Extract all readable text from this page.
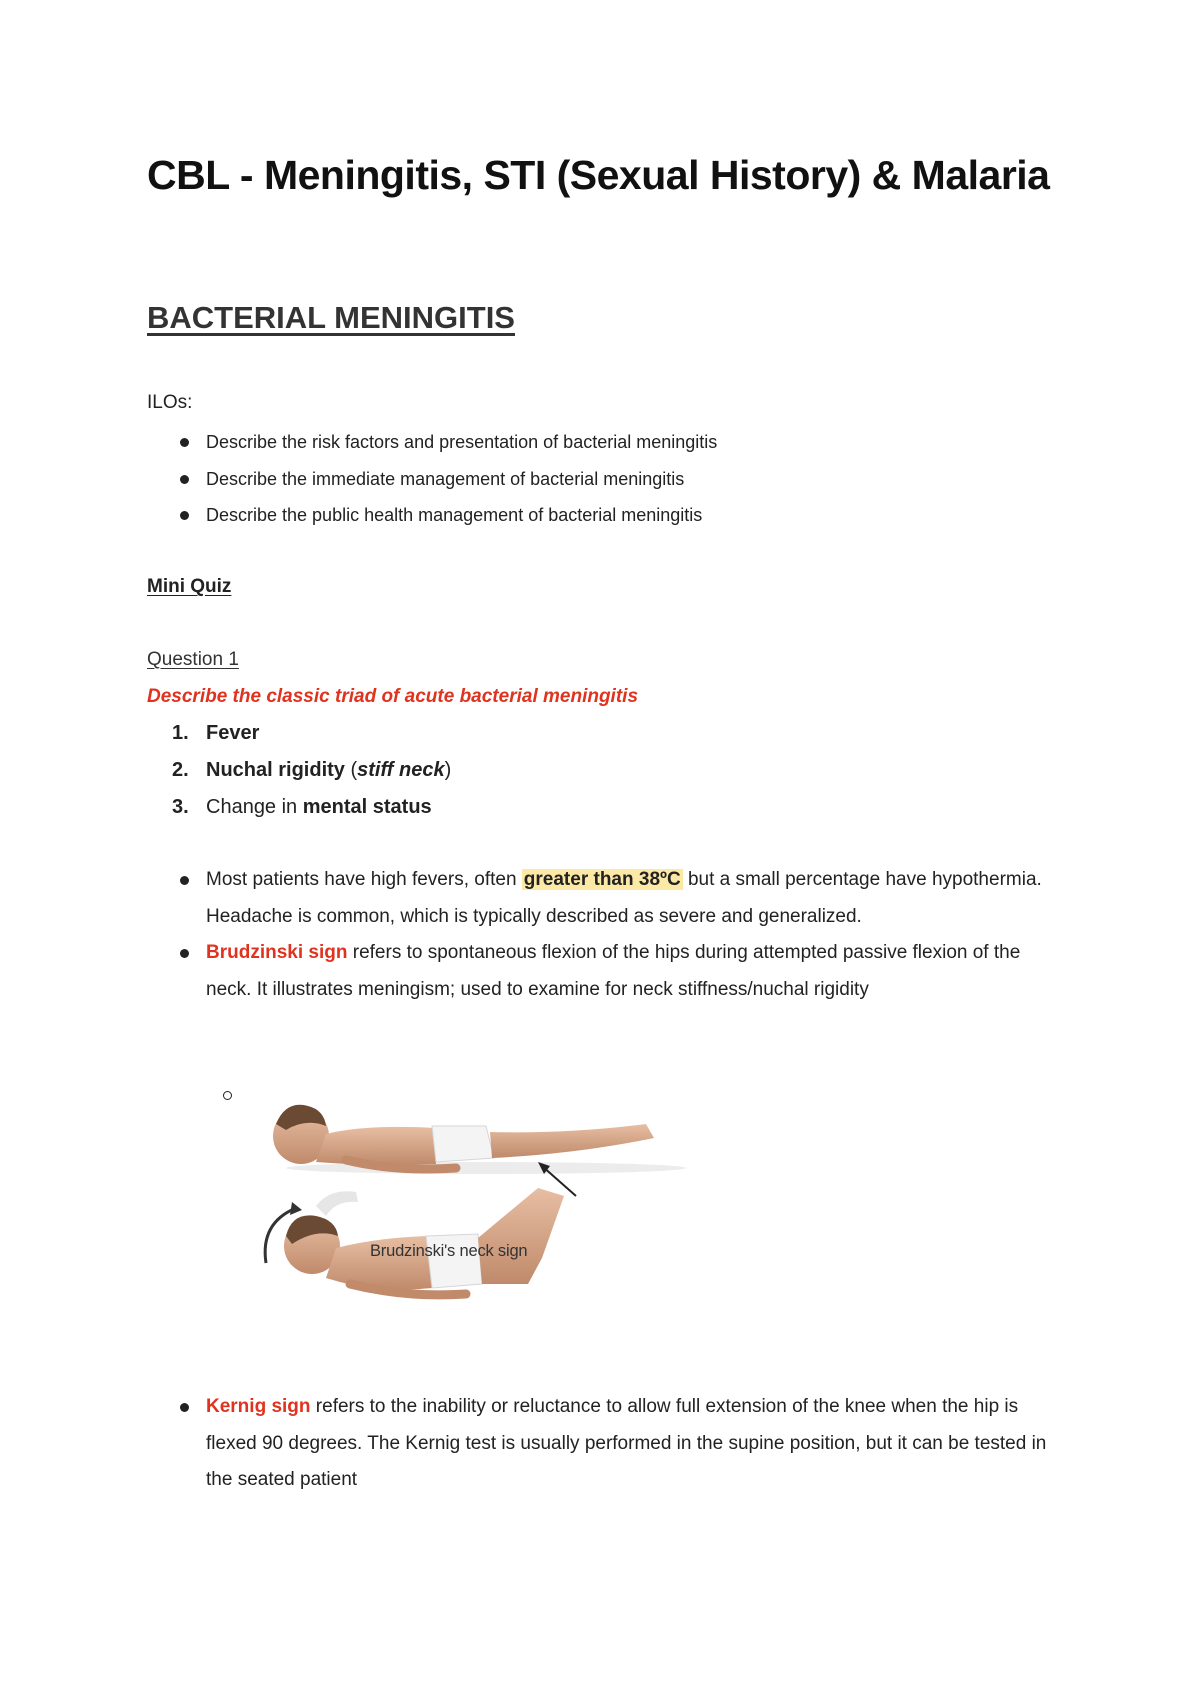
CBL - Meningitis, STI (Sexual History) & Malaria
BACTERIAL MENINGITIS
ILOs:
Describe the risk factors and presentation of bacterial meningitis
Describe the immediate management of bacterial meningitis
Describe the public health management of bacterial meningitis
Mini Quiz
Question 1
Describe the classic triad of acute bacterial meningitis
1. Fever
2. Nuchal rigidity (stiff neck)
3. Change in mental status
Most patients have high fevers, often greater than 38ºC but a small percentage have hypothermia. Headache is common, which is typically described as severe and generalized.
Brudzinski sign refers to spontaneous flexion of the hips during attempted passive flexion of the neck. It illustrates meningism; used to examine for neck stiffness/nuchal rigidity
Brudzinski's neck sign
Kernig sign refers to the inability or reluctance to allow full extension of the knee when the hip is flexed 90 degrees. The Kernig test is usually performed in the supine position, but it can be tested in the seated patient
